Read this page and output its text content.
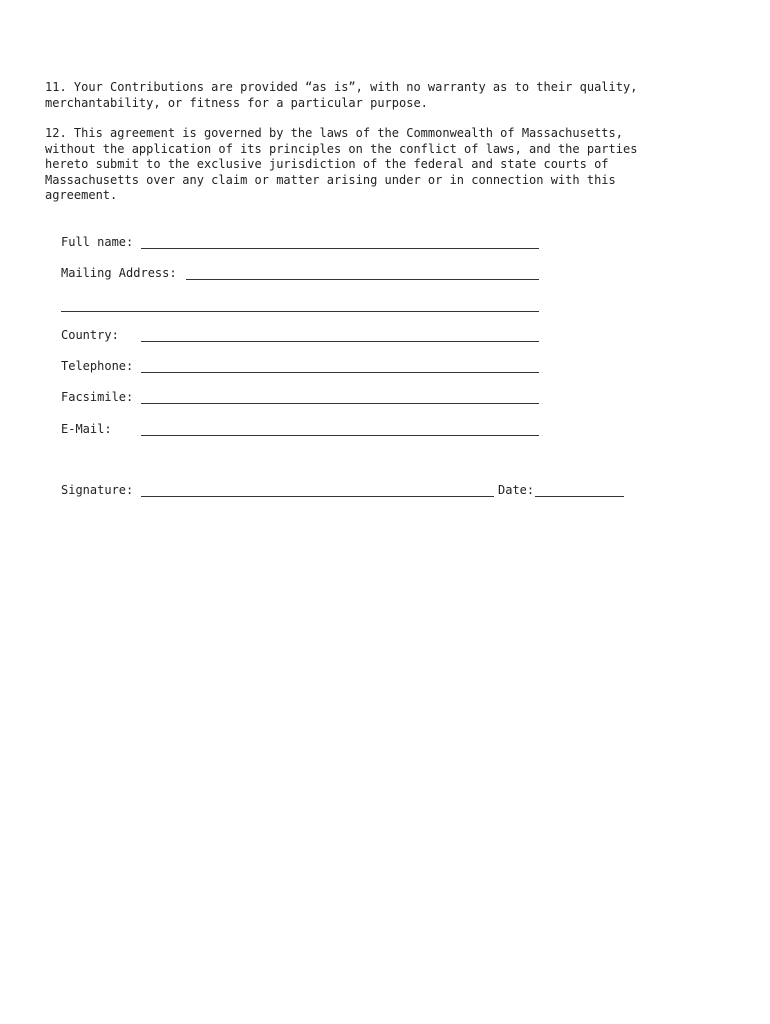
11. Your Contributions are provided “as is”, with no warranty as to their quality,
merchantability, or fitness for a particular purpose.

12. This agreement is governed by the laws of the Commonwealth of Massachusetts,
without the application of its principles on the conflict of laws, and the parties
hereto submit to the exclusive jurisdiction of the federal and state courts of
Massachusetts over any claim or matter arising under or in connection with this
agreement.

Full name:
Mailing Address:
Country:
Telephone:
Facsimile:
E-Mail:
Signature:	Date:
